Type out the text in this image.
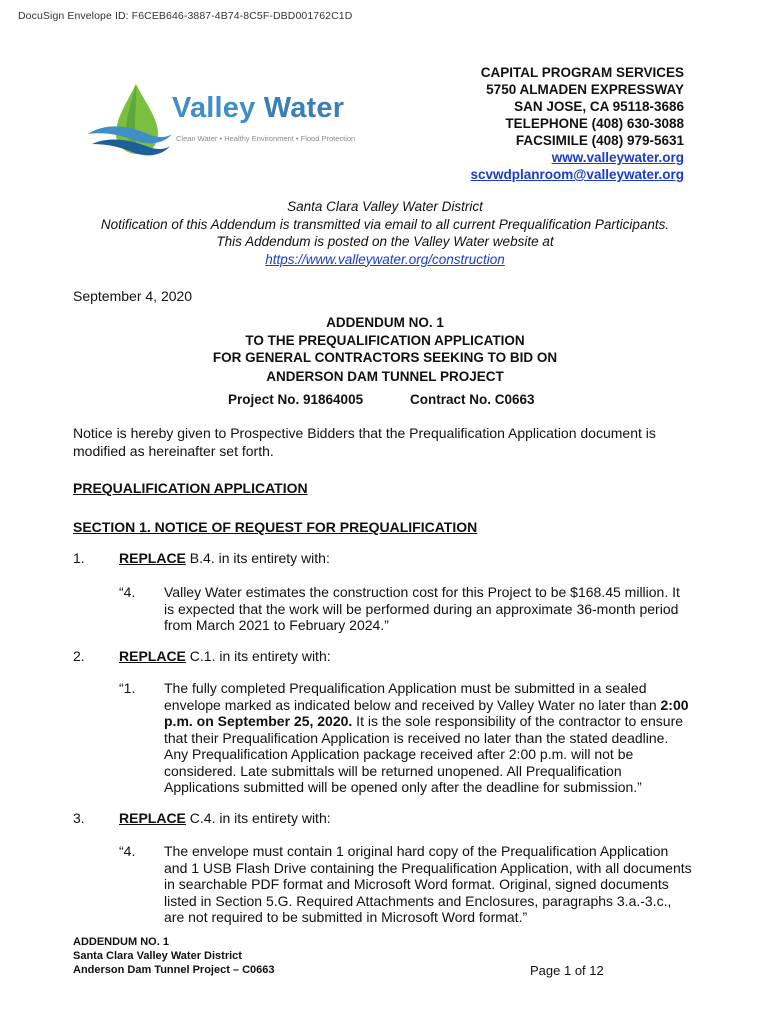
DocuSign Envelope ID: F6CEB646-3887-4B74-8C5F-DBD001762C1D
Valley Water
Clean Water • Healthy Environment • Flood Protection
CAPITAL PROGRAM SERVICES
5750 ALMADEN EXPRESSWAY
SAN JOSE, CA 95118-3686
TELEPHONE (408) 630-3088
FACSIMILE (408) 979-5631
www.valleywater.org
scvwdplanroom@valleywater.org
Santa Clara Valley Water District
Notification of this Addendum is transmitted via email to all current Prequalification Participants.
This Addendum is posted on the Valley Water website at
https://www.valleywater.org/construction
September 4, 2020
ADDENDUM NO. 1
TO THE PREQUALIFICATION APPLICATION
FOR GENERAL CONTRACTORS SEEKING TO BID ON
ANDERSON DAM TUNNEL PROJECT
Project No. 91864005	Contract No. C0663
Notice is hereby given to Prospective Bidders that the Prequalification Application document is modified as hereinafter set forth.
PREQUALIFICATION APPLICATION
SECTION 1. NOTICE OF REQUEST FOR PREQUALIFICATION
1. REPLACE B.4. in its entirety with:
“4. Valley Water estimates the construction cost for this Project to be $168.45 million. It is expected that the work will be performed during an approximate 36-month period from March 2021 to February 2024.”
2. REPLACE C.1. in its entirety with:
“1. The fully completed Prequalification Application must be submitted in a sealed envelope marked as indicated below and received by Valley Water no later than 2:00 p.m. on September 25, 2020. It is the sole responsibility of the contractor to ensure that their Prequalification Application is received no later than the stated deadline. Any Prequalification Application package received after 2:00 p.m. will not be considered. Late submittals will be returned unopened. All Prequalification Applications submitted will be opened only after the deadline for submission.”
3. REPLACE C.4. in its entirety with:
“4. The envelope must contain 1 original hard copy of the Prequalification Application and 1 USB Flash Drive containing the Prequalification Application, with all documents in searchable PDF format and Microsoft Word format. Original, signed documents listed in Section 5.G. Required Attachments and Enclosures, paragraphs 3.a.-3.c., are not required to be submitted in Microsoft Word format.”
ADDENDUM NO. 1
Santa Clara Valley Water District
Anderson Dam Tunnel Project – C0663	Page 1 of 12
